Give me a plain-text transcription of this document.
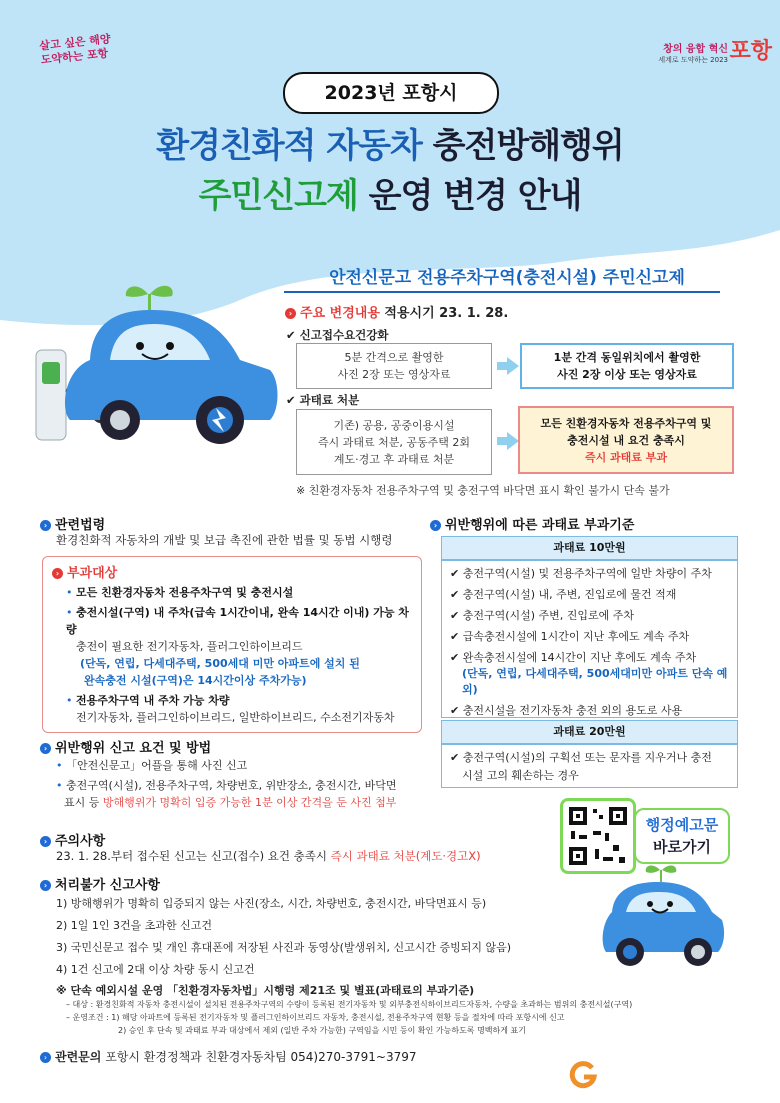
살고 싶은 해양
도약하는 포항	창의 융합 혁신
세계로 도약하는 2023 포항
2023년 포항시
환경친화적 자동차 충전방해행위
주민신고제 운영 변경 안내
안전신문고 전용주차구역(충전시설) 주민신고제
› 주요 변경내용 적용시기 23. 1. 28.
✔ 신고접수요건강화
5분 간격으로 촬영한
사진 2장 또는 영상자료
1분 간격 동일위치에서 촬영한
사진 2장 이상 또는 영상자료
✔ 과태료 처분
기존) 공용, 공중이용시설
즉시 과태료 처분, 공동주택 2회
계도·경고 후 과태료 처분
모든 친환경자동차 전용주차구역 및
충전시설 내 요건 충족시
즉시 과태료 부과
※ 친환경자동차 전용주차구역 및 충전구역 바닥면 표시 확인 불가시 단속 불가
› 관련법령
환경친화적 자동차의 개발 및 보급 촉진에 관한 법률 및 동법 시행령
› 부과대상
• 모든 친환경자동차 전용주차구역 및 충전시설
• 충전시설(구역) 내 주차(급속 1시간이내, 완속 14시간 이내) 가능 차량
충전이 필요한 전기자동차, 플러그인하이브리드
(단독, 연립, 다세대주택, 500세대 미만 아파트에 설치 된
완속충전 시설(구역)은 14시간이상 주차가능)
• 전용주차구역 내 주차 가능 차량
전기자동차, 플러그인하이브리드, 일반하이브리드, 수소전기자동차
› 위반행위 신고 요건 및 방법
• 「안전신문고」어플을 통해 사진 신고
• 충전구역(시설), 전용주차구역, 차량번호, 위반장소, 충전시간, 바닥면
표시 등 방해행위가 명확히 입증 가능한 1분 이상 간격을 둔 사진 첨부
› 주의사항
23. 1. 28.부터 접수된 신고는 신고(접수) 요건 충족시 즉시 과태료 처분(계도·경고X)
› 처리불가 신고사항
1) 방해행위가 명확히 입증되지 않는 사진(장소, 시간, 차량번호, 충전시간, 바닥면표시 등)
2) 1일 1인 3건을 초과한 신고건
3) 국민신문고 접수 및 개인 휴대폰에 저장된 사진과 동영상(발생위치, 신고시간 증빙되지 않음)
4) 1건 신고에 2대 이상 차량 동시 신고건
※ 단속 예외시설 운영 「친환경자동차법」시행령 제21조 및 별표(과태료의 부과기준)
– 대상 : 환경친화적 자동차 충전시설이 설치된 전용주차구역의 수량이 등록된 전기자동차 및 외부충전식하이브리드자동차, 수량을 초과하는 범위의 충전시설(구역)
– 운영조건 : 1) 해당 아파트에 등록된 전기자동차 및 플러그인하이브리드 자동차, 충전시설, 전용주차구역 현황 등을 절차에 따라 포항시에 신고
2) 승인 후 단속 및 과태료 부과 대상에서 제외 (일반 주차 가능한) 구역임을 시민 등이 확인 가능하도록 명백하게 표기
› 관련문의 포항시 환경정책과 친환경자동차팀 054)270-3791~3797
› 위반행위에 따른 과태료 부과기준
과태료 10만원
✔ 충전구역(시설) 및 전용주차구역에 일반 차량이 주차
✔ 충전구역(시설) 내, 주변, 진입로에 물건 적재
✔ 충전구역(시설) 주변, 진입로에 주차
✔ 급속충전시설에 1시간이 지난 후에도 계속 주차
✔ 완속충전시설에 14시간이 지난 후에도 계속 주차
(단독, 연립, 다세대주택, 500세대미만 아파트 단속 예외)
✔ 충전시설을 전기자동차 충전 외의 용도로 사용
과태료 20만원
✔ 충전구역(시설)의 구획선 또는 문자를 지우거나 충전
시설 고의 훼손하는 경우
행정예고문
바로가기
